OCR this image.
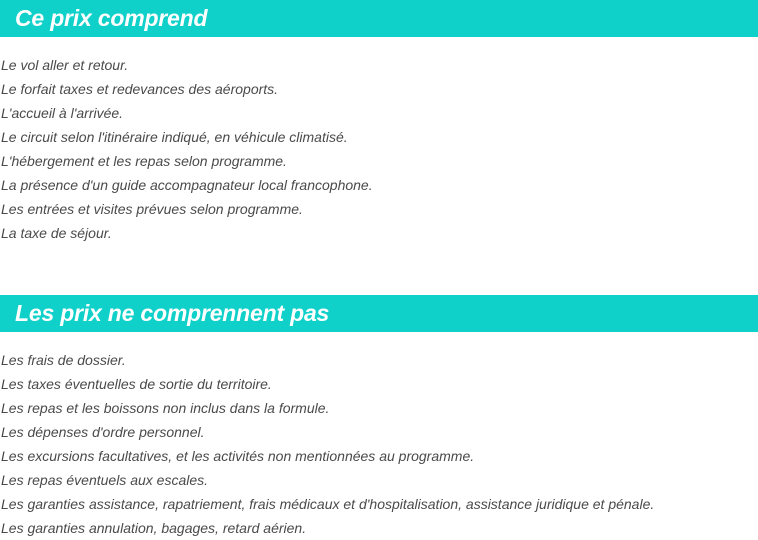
Ce prix comprend
Le vol aller et retour.
Le forfait taxes et redevances des aéroports.
L'accueil à l'arrivée.
Le circuit selon l'itinéraire indiqué, en véhicule climatisé.
L'hébergement et les repas selon programme.
La présence d'un guide accompagnateur local francophone.
Les entrées et visites prévues selon programme.
La taxe de séjour.
Les prix ne comprennent pas
Les frais de dossier.
Les taxes éventuelles de sortie du territoire.
Les repas et les boissons non inclus dans la formule.
Les dépenses d'ordre personnel.
Les excursions facultatives, et les activités non mentionnées au programme.
Les repas éventuels aux escales.
Les garanties assistance, rapatriement, frais médicaux et d'hospitalisation, assistance juridique et pénale.
Les garanties annulation, bagages, retard aérien.
